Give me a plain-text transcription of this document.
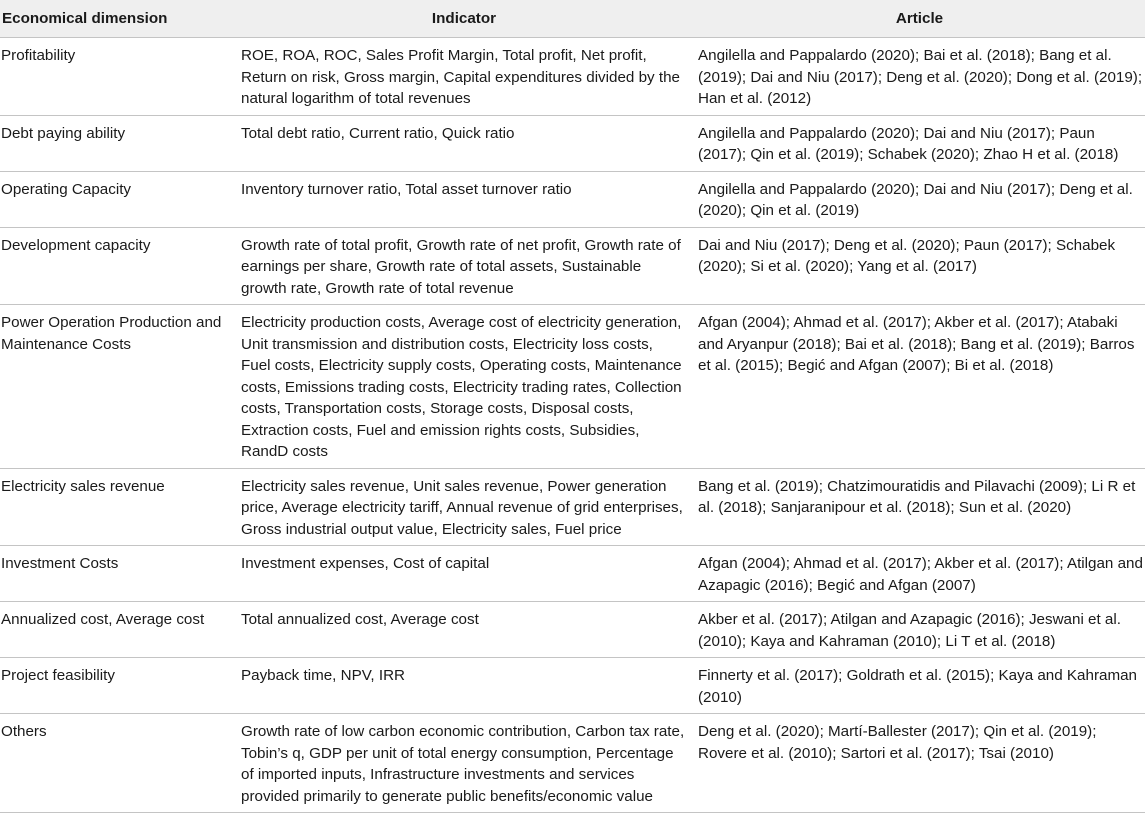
Economical dimension	Indicator	Article
Profitability	ROE, ROA, ROC, Sales Profit Margin, Total profit, Net profit, Return on risk, Gross margin, Capital expenditures divided by the natural logarithm of total revenues	Angilella and Pappalardo (2020); Bai et al. (2018); Bang et al. (2019); Dai and Niu (2017); Deng et al. (2020); Dong et al. (2019); Han et al. (2012)
Debt paying ability	Total debt ratio, Current ratio, Quick ratio	Angilella and Pappalardo (2020); Dai and Niu (2017); Paun (2017); Qin et al. (2019); Schabek (2020); Zhao H et al. (2018)
Operating Capacity	Inventory turnover ratio, Total asset turnover ratio	Angilella and Pappalardo (2020); Dai and Niu (2017); Deng et al. (2020); Qin et al. (2019)
Development capacity	Growth rate of total profit, Growth rate of net profit, Growth rate of earnings per share, Growth rate of total assets, Sustainable growth rate, Growth rate of total revenue	Dai and Niu (2017); Deng et al. (2020); Paun (2017); Schabek (2020); Si et al. (2020); Yang et al. (2017)
Power Operation Production and Maintenance Costs	Electricity production costs, Average cost of electricity generation, Unit transmission and distribution costs, Electricity loss costs, Fuel costs, Electricity supply costs, Operating costs, Maintenance costs, Emissions trading costs, Electricity trading rates, Collection costs, Transportation costs, Storage costs, Disposal costs, Extraction costs, Fuel and emission rights costs, Subsidies, RandD costs	Afgan (2004); Ahmad et al. (2017); Akber et al. (2017); Atabaki and Aryanpur (2018); Bai et al. (2018); Bang et al. (2019); Barros et al. (2015); Begić and Afgan (2007); Bi et al. (2018)
Electricity sales revenue	Electricity sales revenue, Unit sales revenue, Power generation price, Average electricity tariff, Annual revenue of grid enterprises, Gross industrial output value, Electricity sales, Fuel price	Bang et al. (2019); Chatzimouratidis and Pilavachi (2009); Li R et al. (2018); Sanjaranipour et al. (2018); Sun et al. (2020)
Investment Costs	Investment expenses, Cost of capital	Afgan (2004); Ahmad et al. (2017); Akber et al. (2017); Atilgan and Azapagic (2016); Begić and Afgan (2007)
Annualized cost, Average cost	Total annualized cost, Average cost	Akber et al. (2017); Atilgan and Azapagic (2016); Jeswani et al. (2010); Kaya and Kahraman (2010); Li T et al. (2018)
Project feasibility	Payback time, NPV, IRR	Finnerty et al. (2017); Goldrath et al. (2015); Kaya and Kahraman (2010)
Others	Growth rate of low carbon economic contribution, Carbon tax rate, Tobin’s q, GDP per unit of total energy consumption, Percentage of imported inputs, Infrastructure investments and services provided primarily to generate public benefits/economic value	Deng et al. (2020); Martí-Ballester (2017); Qin et al. (2019); Rovere et al. (2010); Sartori et al. (2017); Tsai (2010)
